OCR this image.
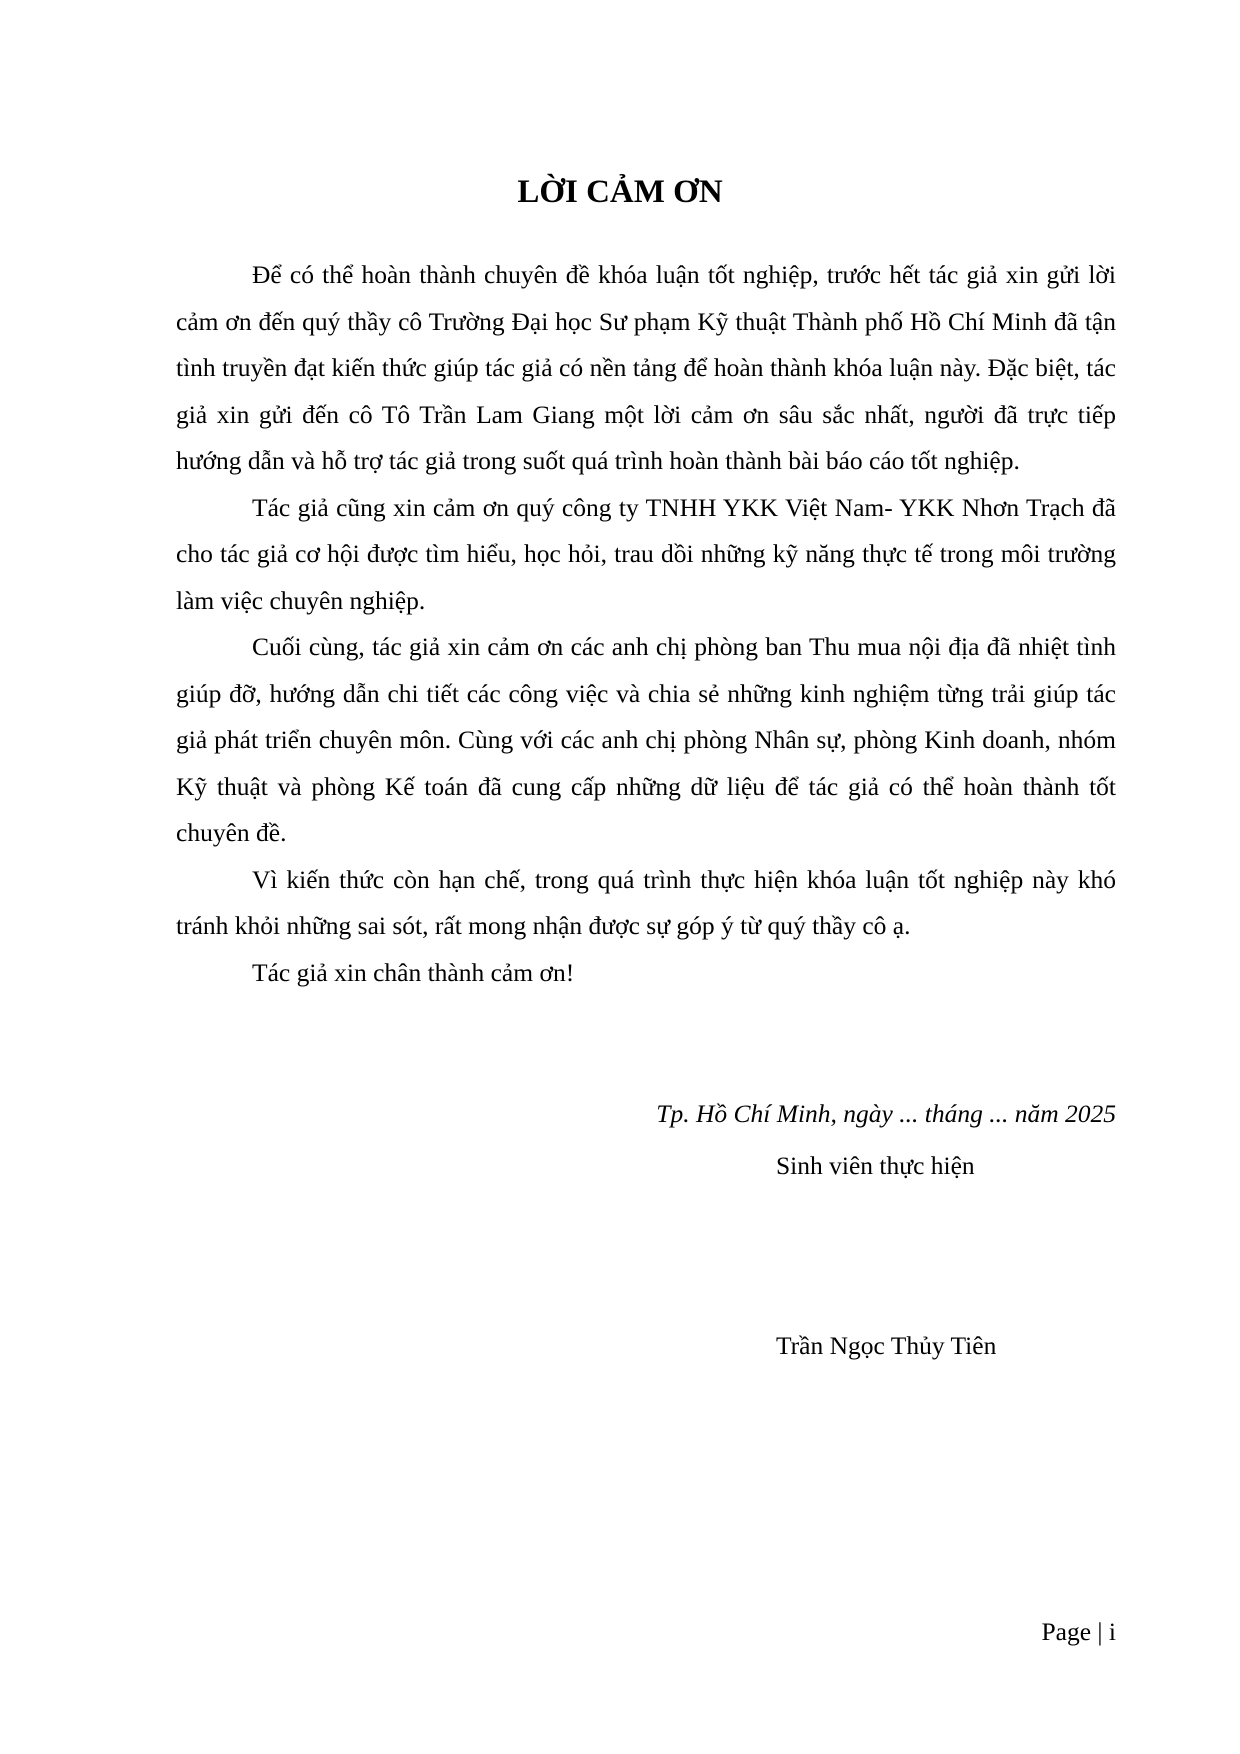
LỜI CẢM ƠN

Để có thể hoàn thành chuyên đề khóa luận tốt nghiệp, trước hết tác giả xin gửi lời cảm ơn đến quý thầy cô Trường Đại học Sư phạm Kỹ thuật Thành phố Hồ Chí Minh đã tận tình truyền đạt kiến thức giúp tác giả có nền tảng để hoàn thành khóa luận này. Đặc biệt, tác giả xin gửi đến cô Tô Trần Lam Giang một lời cảm ơn sâu sắc nhất, người đã trực tiếp hướng dẫn và hỗ trợ tác giả trong suốt quá trình hoàn thành bài báo cáo tốt nghiệp.

Tác giả cũng xin cảm ơn quý công ty TNHH YKK Việt Nam- YKK Nhơn Trạch đã cho tác giả cơ hội được tìm hiểu, học hỏi, trau dồi những kỹ năng thực tế trong môi trường làm việc chuyên nghiệp.

Cuối cùng, tác giả xin cảm ơn các anh chị phòng ban Thu mua nội địa đã nhiệt tình giúp đỡ, hướng dẫn chi tiết các công việc và chia sẻ những kinh nghiệm từng trải giúp tác giả phát triển chuyên môn. Cùng với các anh chị phòng Nhân sự, phòng Kinh doanh, nhóm Kỹ thuật và phòng Kế toán đã cung cấp những dữ liệu để tác giả có thể hoàn thành tốt chuyên đề.

Vì kiến thức còn hạn chế, trong quá trình thực hiện khóa luận tốt nghiệp này khó tránh khỏi những sai sót, rất mong nhận được sự góp ý từ quý thầy cô ạ.

Tác giả xin chân thành cảm ơn!

Tp. Hồ Chí Minh, ngày ... tháng ... năm 2025

Sinh viên thực hiện

Trần Ngọc Thủy Tiên

Page | i
